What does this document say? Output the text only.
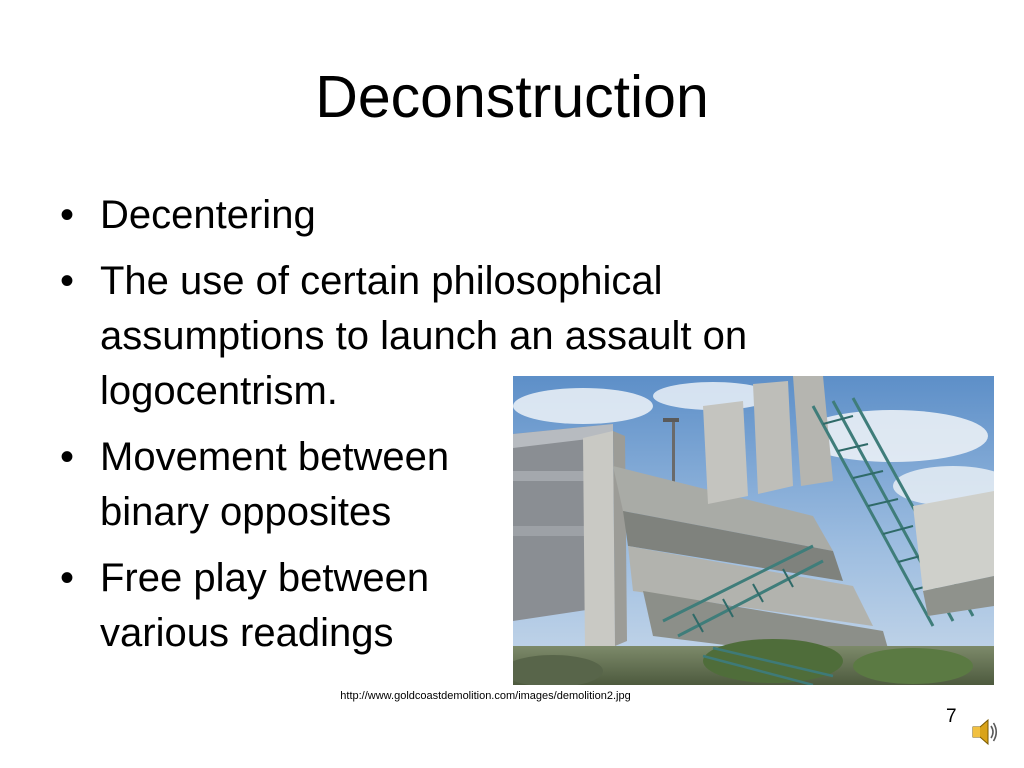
Deconstruction
• Decentering
• The use of certain philosophical assumptions to launch an assault on logocentrism.
• Movement between binary opposites
• Free play between various readings
http://www.goldcoastdemolition.com/images/demolition2.jpg
7
